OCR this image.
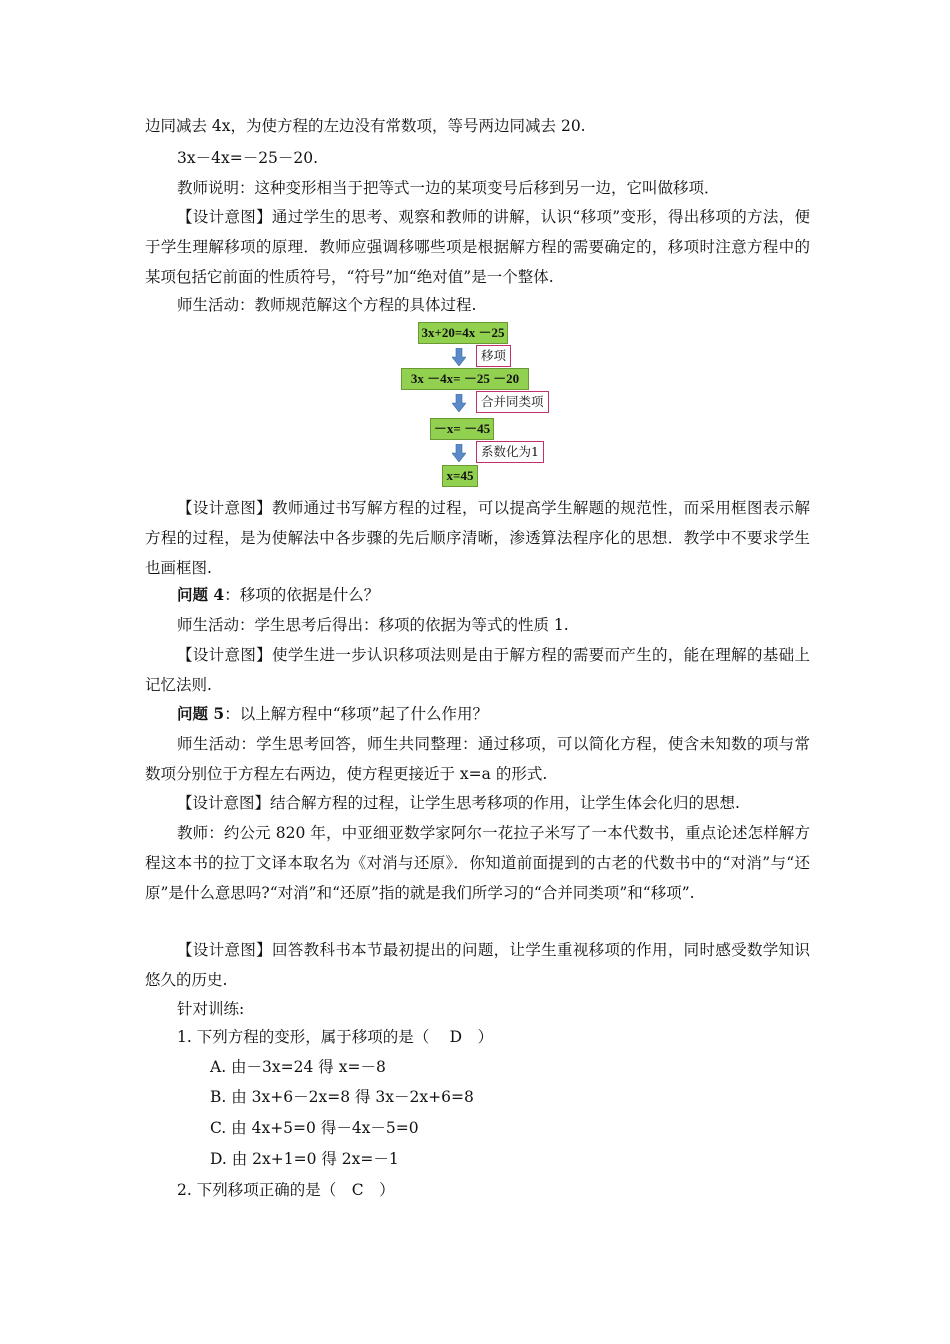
边同减去 4x，为使方程的左边没有常数项，等号两边同减去 20.

3x－4x=－25－20.

教师说明：这种变形相当于把等式一边的某项变号后移到另一边，它叫做移项．

【设计意图】通过学生的思考、观察和教师的讲解，认识“移项”变形，得出移项的方法，便于学生理解移项的原理．教师应强调移哪些项是根据解方程的需要确定的，移项时注意方程中的某项包括它前面的性质符号，“符号”加“绝对值”是一个整体.

师生活动：教师规范解这个方程的具体过程.

3x+20=4x －25
移项
3x －4x= －25 －20
合并同类项
－x= －45
系数化为1
x=45

【设计意图】教师通过书写解方程的过程，可以提高学生解题的规范性，而采用框图表示解方程的过程，是为使解法中各步骤的先后顺序清晰，渗透算法程序化的思想．教学中不要求学生也画框图.

问题 4：移项的依据是什么？

师生活动：学生思考后得出：移项的依据为等式的性质 1.

【设计意图】使学生进一步认识移项法则是由于解方程的需要而产生的，能在理解的基础上记忆法则.

问题 5：以上解方程中“移项”起了什么作用？

师生活动：学生思考回答，师生共同整理：通过移项，可以简化方程，使含未知数的项与常数项分别位于方程左右两边，使方程更接近于 x=a 的形式.

【设计意图】结合解方程的过程，让学生思考移项的作用，让学生体会化归的思想.

教师：约公元 820 年，中亚细亚数学家阿尔一花拉子米写了一本代数书，重点论述怎样解方程这本书的拉丁文译本取名为《对消与还原》．你知道前面提到的古老的代数书中的“对消”与“还原”是什么意思吗?“对消”和“还原”指的就是我们所学习的“合并同类项”和“移项”.

【设计意图】回答教科书本节最初提出的问题，让学生重视移项的作用，同时感受数学知识悠久的历史.

针对训练:

1. 下列方程的变形，属于移项的是（　 D　）

A. 由－3x=24 得 x=－8

B. 由 3x+6－2x=8 得 3x－2x+6=8

C. 由 4x+5=0 得－4x－5=0

D. 由 2x+1=0 得 2x=－1

2. 下列移项正确的是（　C　）
